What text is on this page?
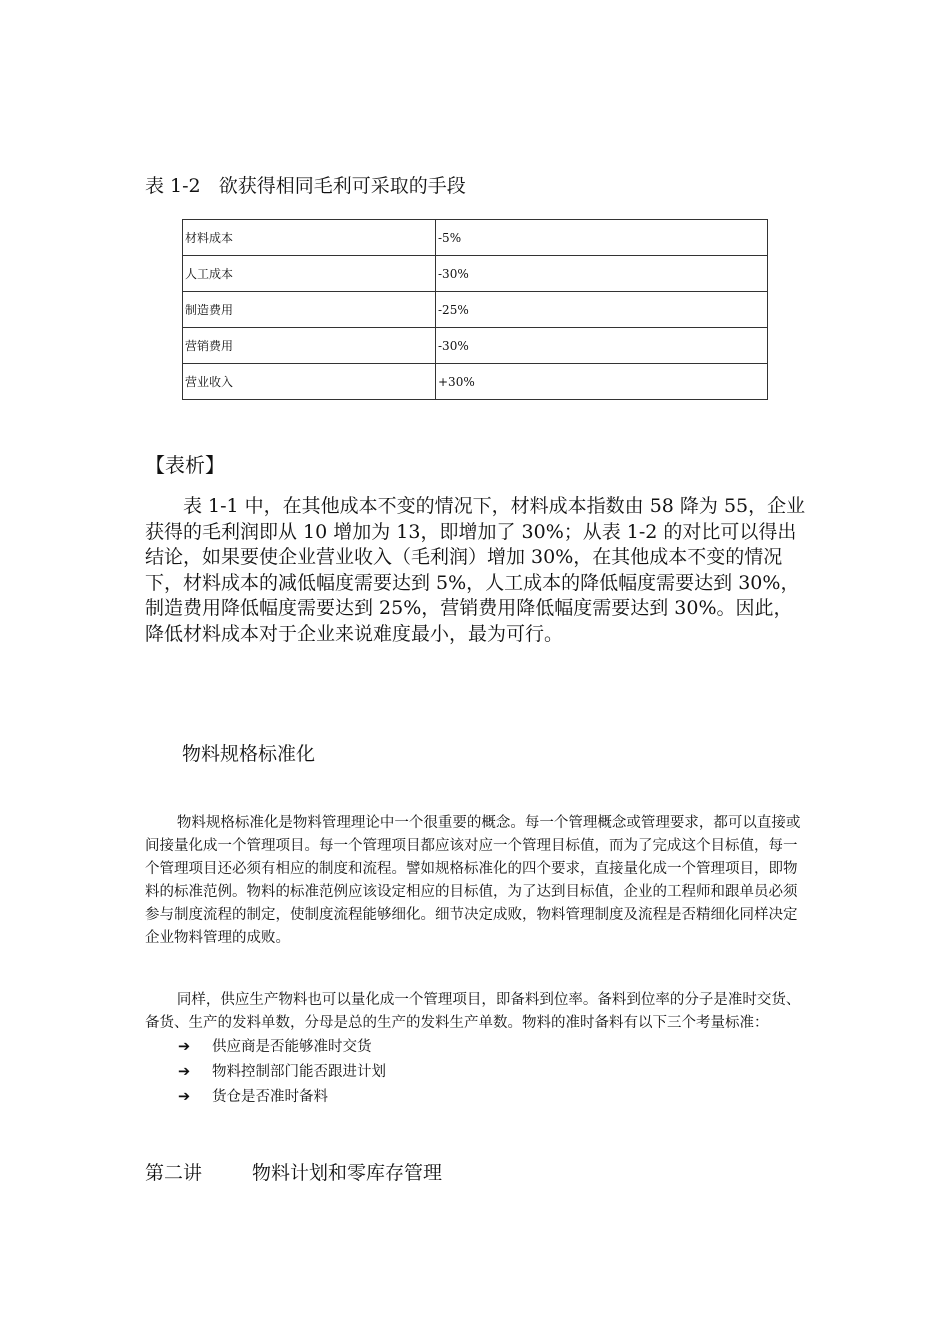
表 1-2   欲获得相同毛利可采取的手段
材料成本	-5%
人工成本	-30%
制造费用	-25%
营销费用	-30%
营业收入	+30%
【表析】

表 1-1 中，在其他成本不变的情况下，材料成本指数由 58 降为 55，企业获得的毛利润即从 10 增加为 13，即增加了 30%；从表 1-2 的对比可以得出结论，如果要使企业营业收入（毛利润）增加 30%，在其他成本不变的情况下，材料成本的减低幅度需要达到 5%，人工成本的降低幅度需要达到 30%，制造费用降低幅度需要达到 25%，营销费用降低幅度需要达到 30%。因此，降低材料成本对于企业来说难度最小，最为可行。

物料规格标准化

物料规格标准化是物料管理理论中一个很重要的概念。每一个管理概念或管理要求，都可以直接或间接量化成一个管理项目。每一个管理项目都应该对应一个管理目标值，而为了完成这个目标值，每一个管理项目还必须有相应的制度和流程。譬如规格标准化的四个要求，直接量化成一个管理项目，即物料的标准范例。物料的标准范例应该设定相应的目标值，为了达到目标值，企业的工程师和跟单员必须参与制度流程的制定，使制度流程能够细化。细节决定成败，物料管理制度及流程是否精细化同样决定企业物料管理的成败。

同样，供应生产物料也可以量化成一个管理项目，即备料到位率。备料到位率的分子是准时交货、备货、生产的发料单数，分母是总的生产的发料生产单数。物料的准时备料有以下三个考量标准：

➔ 供应商是否能够准时交货
➔ 物料控制部门能否跟进计划
➔ 货仓是否准时备料
第二讲	物料计划和零库存管理
